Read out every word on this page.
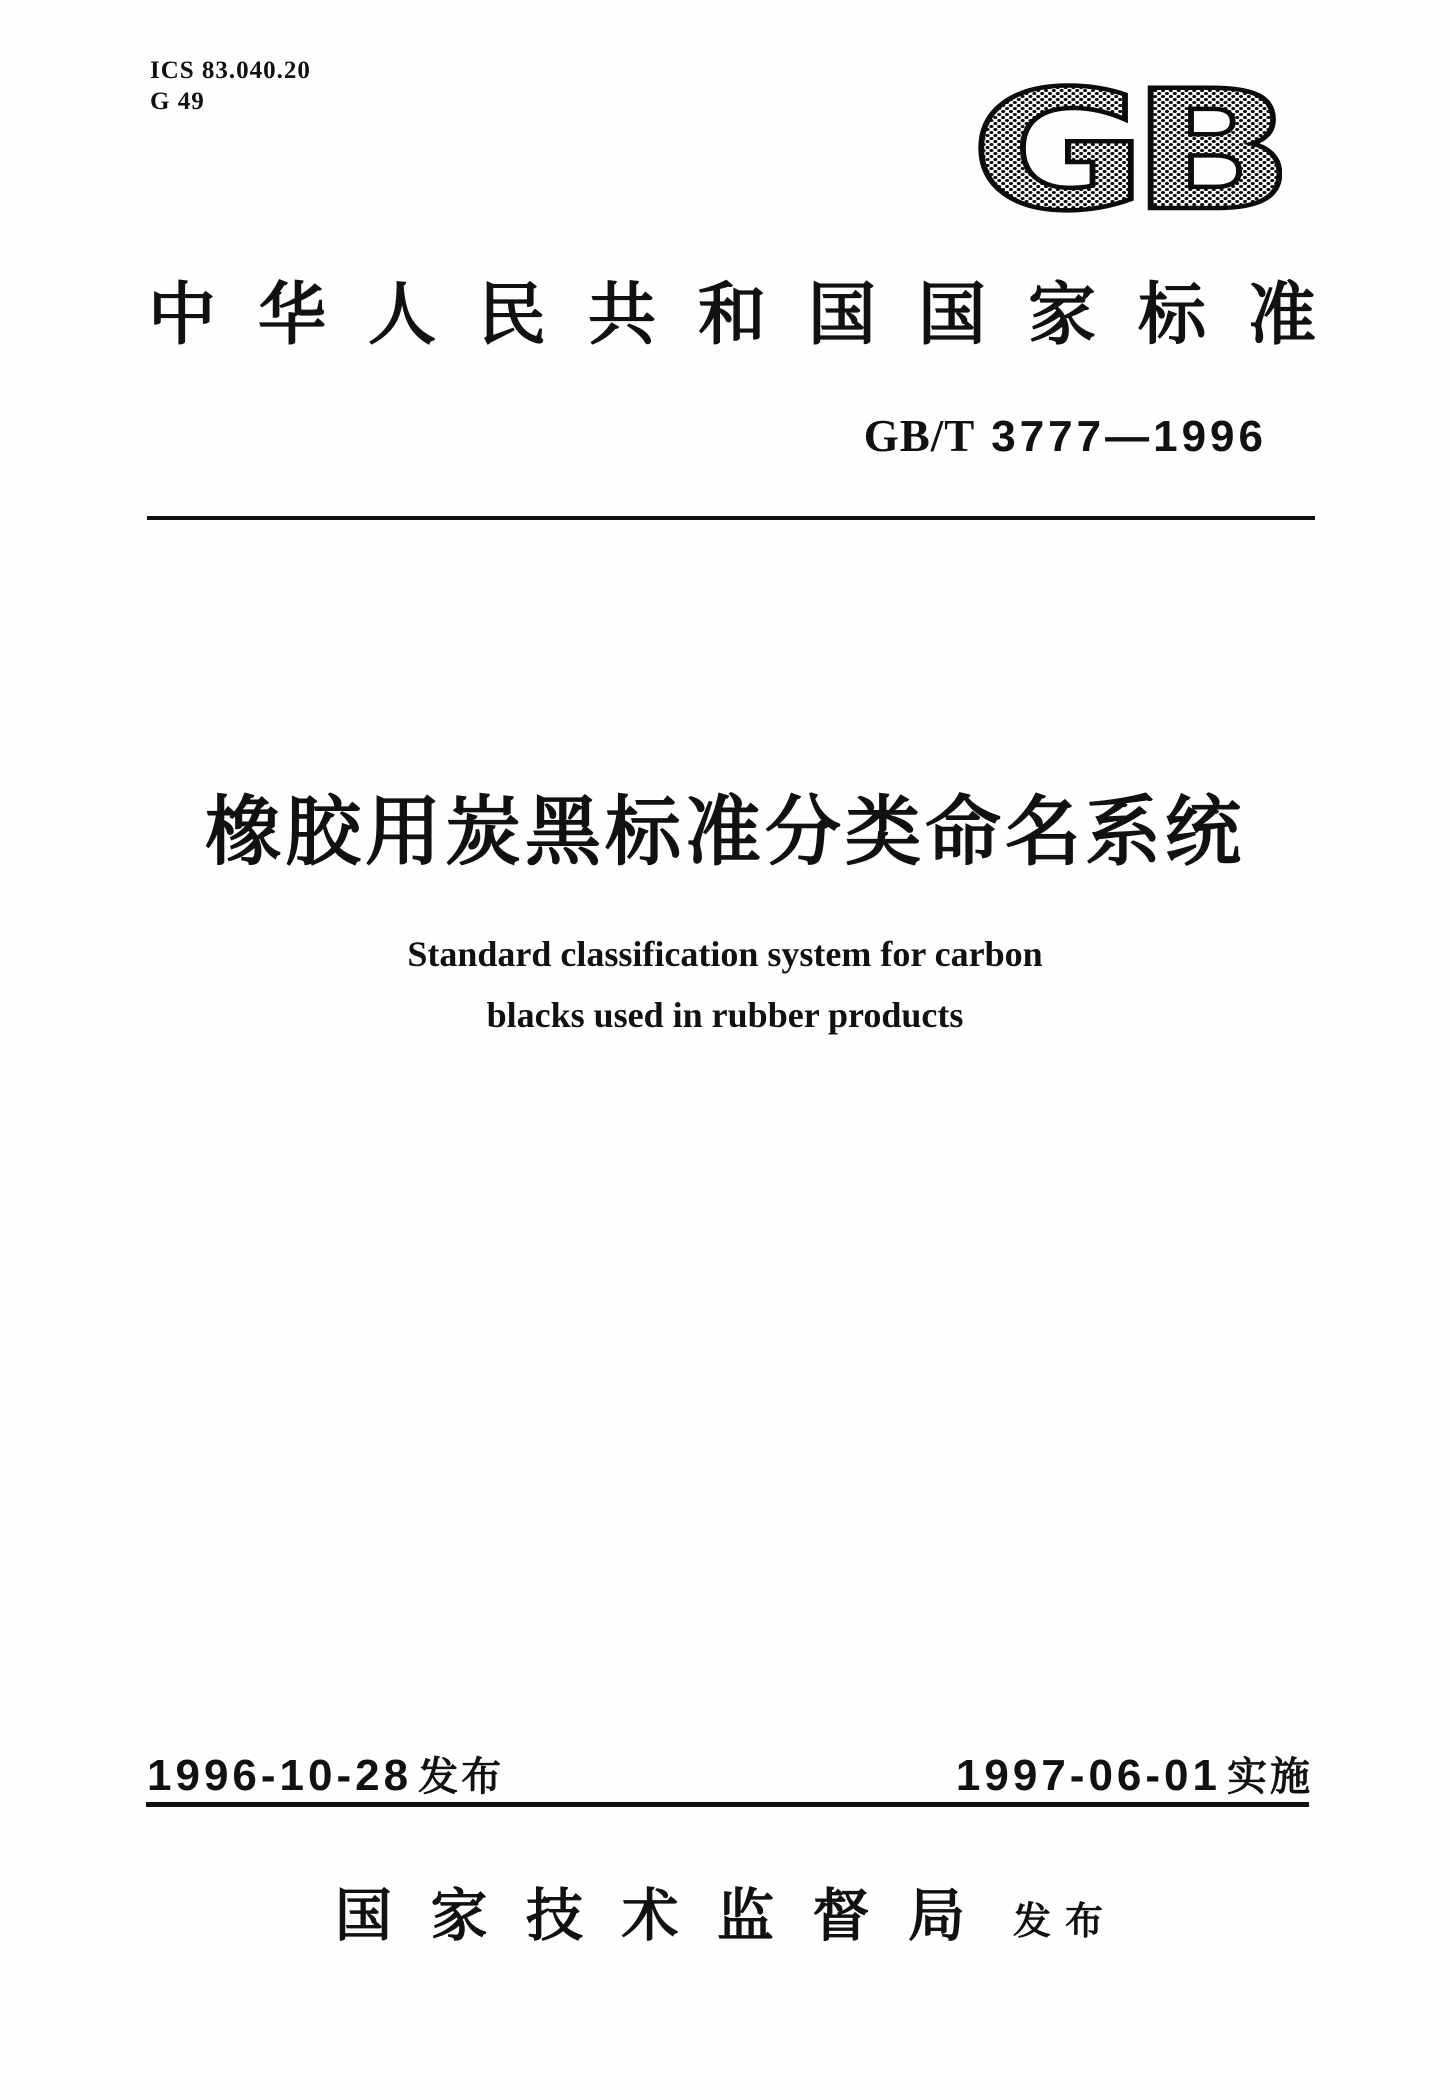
ICS 83.040.20
G 49	GB
中华人民共和国国家标准
GB/T 3777—1996
橡胶用炭黑标准分类命名系统
Standard classification system for carbon
blacks used in rubber products
1996-10-28 发布	1997-06-01 实施
国家技术监督局 发布
